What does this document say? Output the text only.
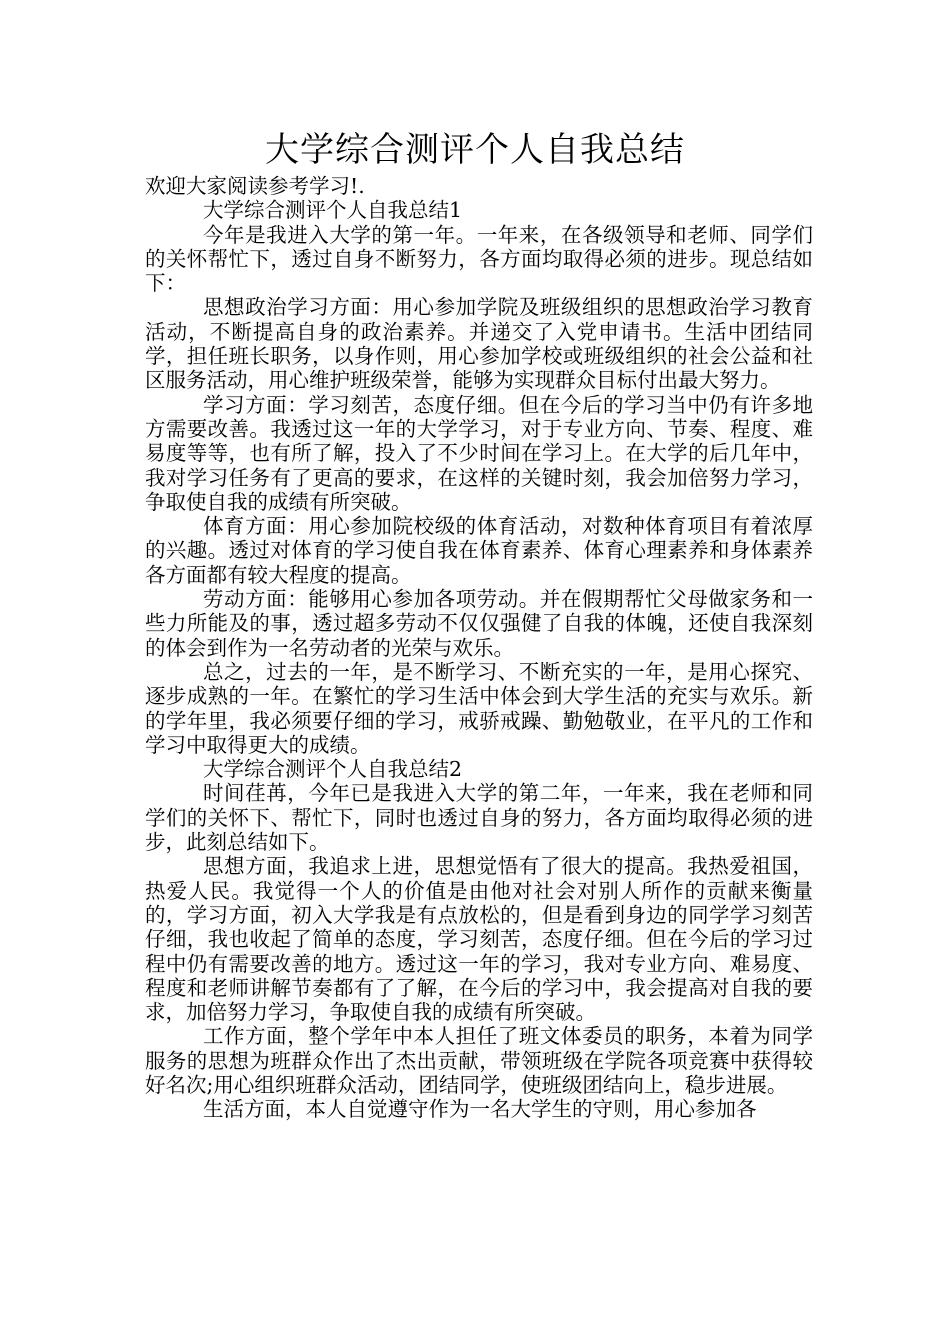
大学综合测评个人自我总结

欢迎大家阅读参考学习!.

大学综合测评个人自我总结1

今年是我进入大学的第一年。一年来，在各级领导和老师、同学们的关怀帮忙下，透过自身不断努力，各方面均取得必须的进步。现总结如下：

思想政治学习方面：用心参加学院及班级组织的思想政治学习教育活动，不断提高自身的政治素养。并递交了入党申请书。生活中团结同学，担任班长职务，以身作则，用心参加学校或班级组织的社会公益和社区服务活动，用心维护班级荣誉，能够为实现群众目标付出最大努力。

学习方面：学习刻苦，态度仔细。但在今后的学习当中仍有许多地方需要改善。我透过这一年的大学学习，对于专业方向、节奏、程度、难易度等等，也有所了解，投入了不少时间在学习上。在大学的后几年中，我对学习任务有了更高的要求，在这样的关键时刻，我会加倍努力学习，争取使自我的成绩有所突破。

体育方面：用心参加院校级的体育活动，对数种体育项目有着浓厚的兴趣。透过对体育的学习使自我在体育素养、体育心理素养和身体素养各方面都有较大程度的提高。

劳动方面：能够用心参加各项劳动。并在假期帮忙父母做家务和一些力所能及的事，透过超多劳动不仅仅强健了自我的体魄，还使自我深刻的体会到作为一名劳动者的光荣与欢乐。

总之，过去的一年，是不断学习、不断充实的一年，是用心探究、逐步成熟的一年。在繁忙的学习生活中体会到大学生活的充实与欢乐。新的学年里，我必须要仔细的学习，戒骄戒躁、勤勉敬业，在平凡的工作和学习中取得更大的成绩。

大学综合测评个人自我总结2

时间荏苒，今年已是我进入大学的第二年，一年来，我在老师和同学们的关怀下、帮忙下，同时也透过自身的努力，各方面均取得必须的进步，此刻总结如下。

思想方面，我追求上进，思想觉悟有了很大的提高。我热爱祖国，热爱人民。我觉得一个人的价值是由他对社会对别人所作的贡献来衡量的，学习方面，初入大学我是有点放松的，但是看到身边的同学学习刻苦仔细，我也收起了简单的态度，学习刻苦，态度仔细。但在今后的学习过程中仍有需要改善的地方。透过这一年的学习，我对专业方向、难易度、程度和老师讲解节奏都有了了解，在今后的学习中，我会提高对自我的要求，加倍努力学习，争取使自我的成绩有所突破。

工作方面，整个学年中本人担任了班文体委员的职务，本着为同学服务的思想为班群众作出了杰出贡献，带领班级在学院各项竞赛中获得较好名次;用心组织班群众活动，团结同学，使班级团结向上，稳步进展。

生活方面，本人自觉遵守作为一名大学生的守则，用心参加各
